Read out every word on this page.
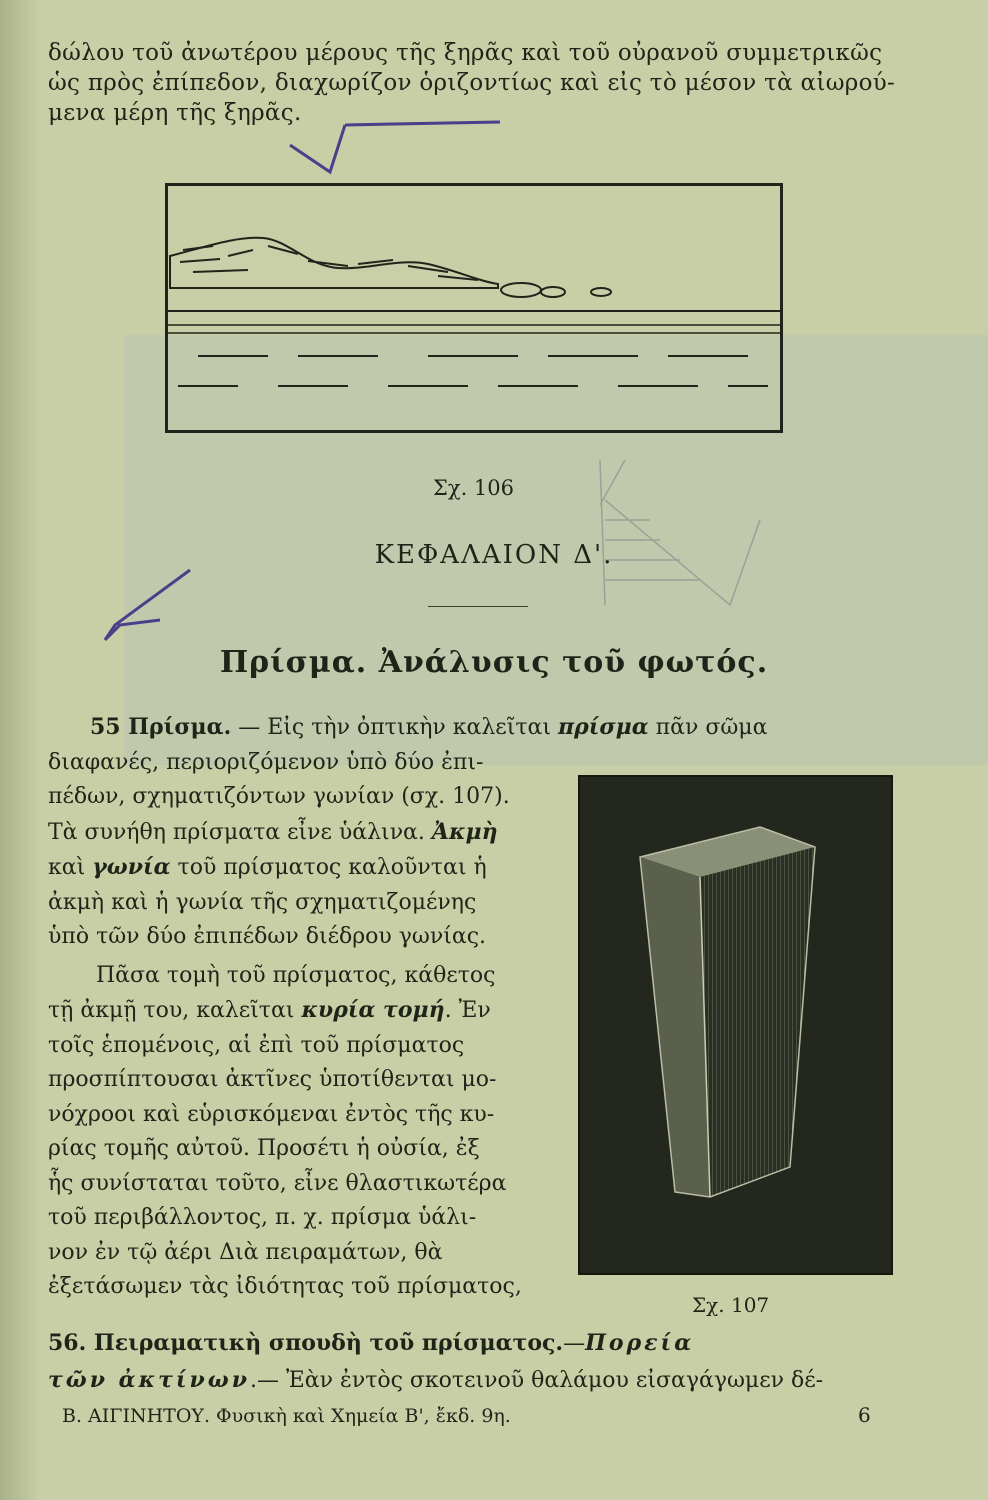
δώλου τοῦ ἀνωτέρου μέρους τῆς ξηρᾶς καὶ τοῦ οὐρανοῦ συμμετρικῶς
ὡς πρὸς ἐπίπεδον, διαχωρίζον ὁριζοντίως καὶ εἰς τὸ μέσον τὰ αἰωρού-
μενα μέρη τῆς ξηρᾶς.
Σχ. 106
ΚΕΦΑΛΑΙΟΝ Δ'.
Πρίσμα. Ἀνάλυσις τοῦ φωτός.
55 Πρίσμα. — Εἰς τὴν ὀπτικὴν καλεῖται πρίσμα πᾶν σῶμα
διαφανές, περιοριζόμενον ὑπὸ δύο ἐπι-
πέδων, σχηματιζόντων γωνίαν (σχ. 107).
Τὰ συνήθη πρίσματα εἶνε ὑάλινα. Ἀκμὴ
καὶ γωνία τοῦ πρίσματος καλοῦνται ἡ
ἀκμὴ καὶ ἡ γωνία τῆς σχηματιζομένης
ὑπὸ τῶν δύο ἐπιπέδων διέδρου γωνίας.
Πᾶσα τομὴ τοῦ πρίσματος, κάθετος
τῇ ἀκμῇ του, καλεῖται κυρία τομή. Ἐν
τοῖς ἑπομένοις, αἱ ἐπὶ τοῦ πρίσματος
προσπίπτουσαι ἀκτῖνες ὑποτίθενται μο-
νόχροοι καὶ εὑρισκόμεναι ἐντὸς τῆς κυ-
ρίας τομῆς αὐτοῦ. Προσέτι ἡ οὐσία, ἐξ
ἧς συνίσταται τοῦτο, εἶνε θλαστικωτέρα
τοῦ περιβάλλοντος, π. χ. πρίσμα ὑάλι-
νον ἐν τῷ ἀέρι Διὰ πειραμάτων, θὰ
ἐξετάσωμεν τὰς ἰδιότητας τοῦ πρίσματος,
Σχ. 107
56. Πειραματικὴ σπουδὴ τοῦ πρίσματος.—Πορεία
τῶν ἀκτίνων.— Ἐὰν ἐντὸς σκοτεινοῦ θαλάμου εἰσαγάγωμεν δέ-
Β. ΑΙΓΙΝΗΤΟΥ. Φυσικὴ καὶ Χημεία Β', ἔκδ. 9η.	6
